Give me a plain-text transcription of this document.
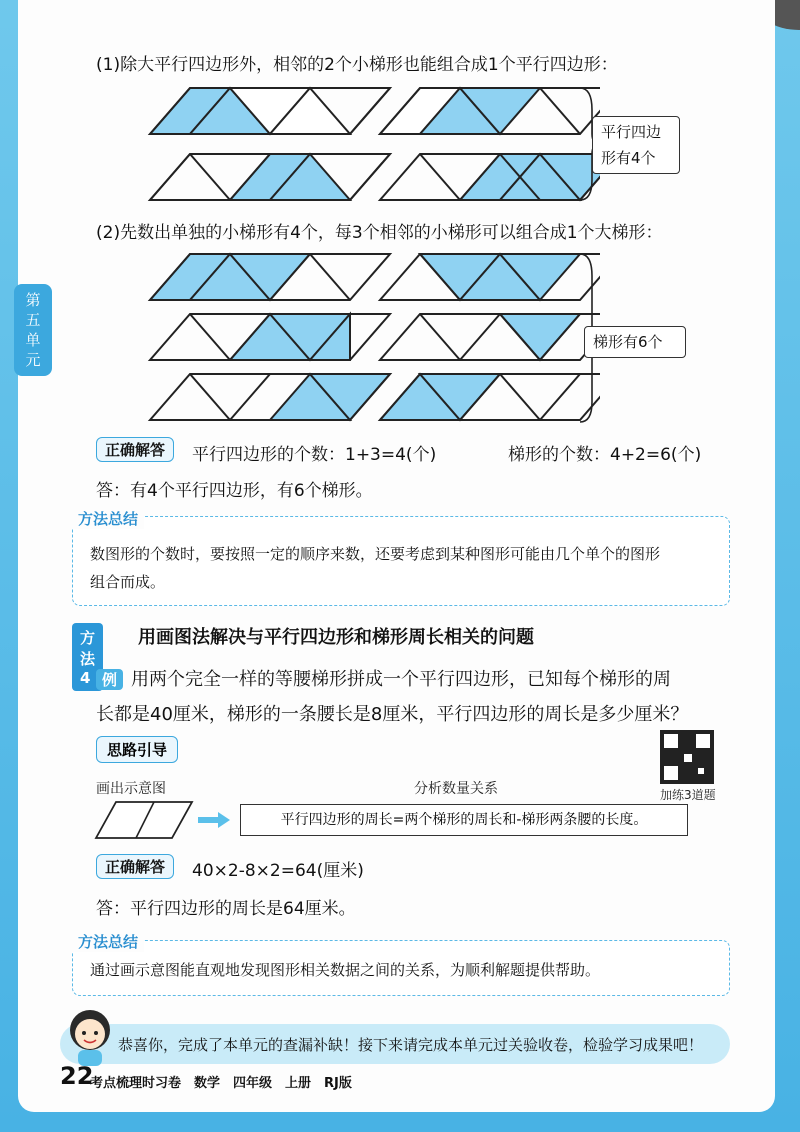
第
五
单
元
(1)除大平行四边形外，相邻的2个小梯形也能组合成1个平行四边形：
平行四边形有4个
(2)先数出单独的小梯形有4个，每3个相邻的小梯形可以组合成1个大梯形：
梯形有6个
正确解答	平行四边形的个数：1+3=4(个)	梯形的个数：4+2=6(个)
答：有4个平行四边形，有6个梯形。
方法总结
数图形的个数时，要按照一定的顺序来数，还要考虑到某种图形可能由几个单个的图形
组合而成。
方法4
用画图法解决与平行四边形和梯形周长相关的问题
例 用两个完全一样的等腰梯形拼成一个平行四边形，已知每个梯形的周
长都是40厘米，梯形的一条腰长是8厘米，平行四边形的周长是多少厘米？
思路引导
加练3道题
画出示意图	分析数量关系
平行四边形的周长=两个梯形的周长和-梯形两条腰的长度。
正确解答	40×2-8×2=64(厘米)
答：平行四边形的周长是64厘米。
方法总结
通过画示意图能直观地发现图形相关数据之间的关系，为顺利解题提供帮助。
恭喜你，完成了本单元的查漏补缺！接下来请完成本单元过关验收卷，检验学习成果吧！
22
考点梳理时习卷　数学　四年级　上册　RJ版
